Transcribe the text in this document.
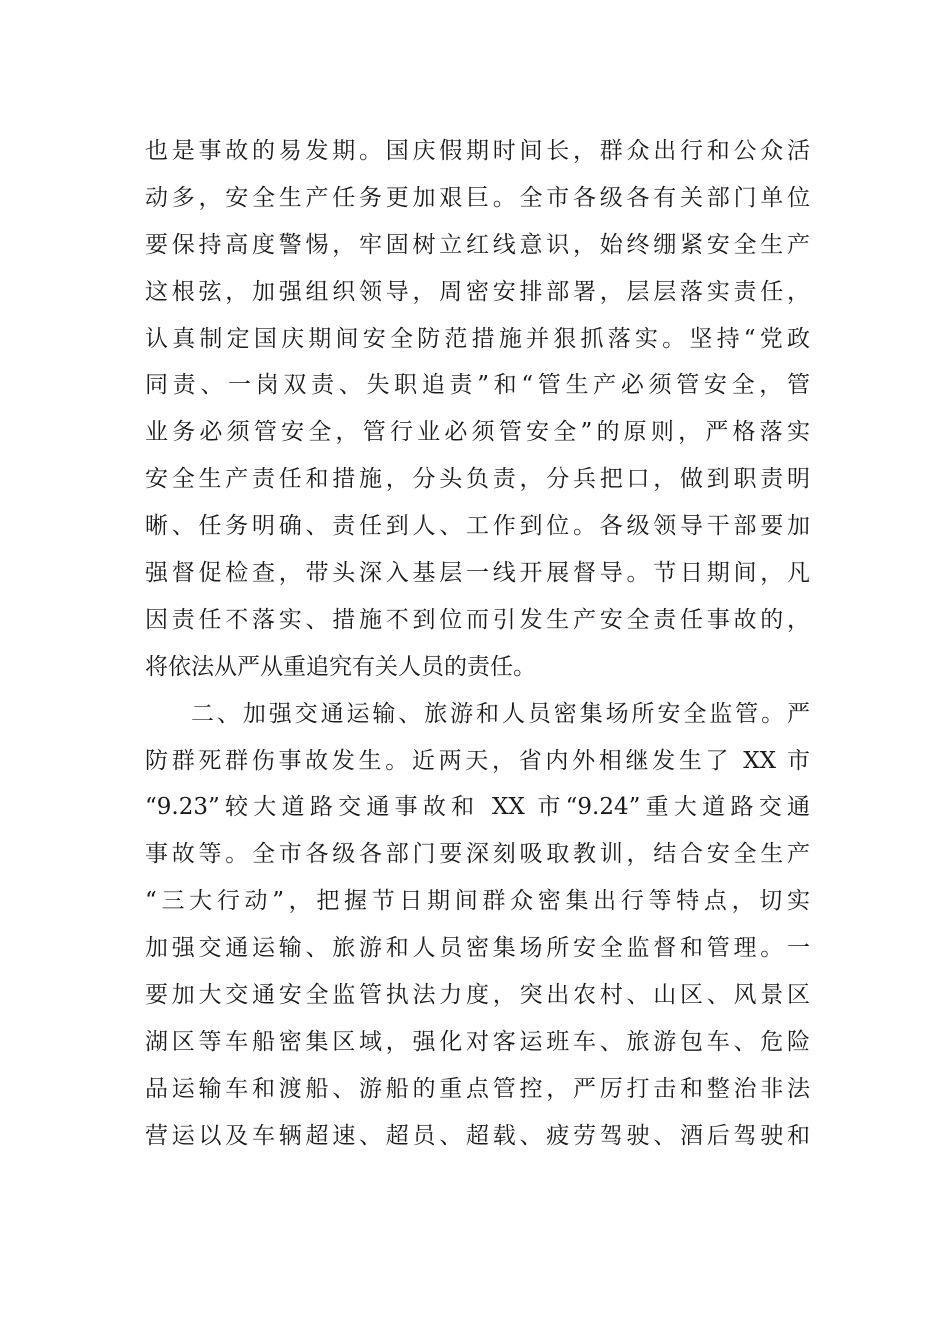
也是事故的易发期。国庆假期时间长，群众出行和公众活
动多，安全生产任务更加艰巨。全市各级各有关部门单位
要保持高度警惕，牢固树立红线意识，始终绷紧安全生产
这根弦，加强组织领导，周密安排部署，层层落实责任，
认真制定国庆期间安全防范措施并狠抓落实。坚持“党政
同责、一岗双责、失职追责”和“管生产必须管安全，管
业务必须管安全，管行业必须管安全”的原则，严格落实
安全生产责任和措施，分头负责，分兵把口，做到职责明
晰、任务明确、责任到人、工作到位。各级领导干部要加
强督促检查，带头深入基层一线开展督导。节日期间，凡
因责任不落实、措施不到位而引发生产安全责任事故的，
将依法从严从重追究有关人员的责任。
二、加强交通运输、旅游和人员密集场所安全监管。严
防群死群伤事故发生。近两天，省内外相继发生了 XX 市
“9.23”较大道路交通事故和 XX 市“9.24”重大道路交通
事故等。全市各级各部门要深刻吸取教训，结合安全生产
“三大行动”，把握节日期间群众密集出行等特点，切实
加强交通运输、旅游和人员密集场所安全监督和管理。一
要加大交通安全监管执法力度，突出农村、山区、风景区
湖区等车船密集区域，强化对客运班车、旅游包车、危险
品运输车和渡船、游船的重点管控，严厉打击和整治非法
营运以及车辆超速、超员、超载、疲劳驾驶、酒后驾驶和
